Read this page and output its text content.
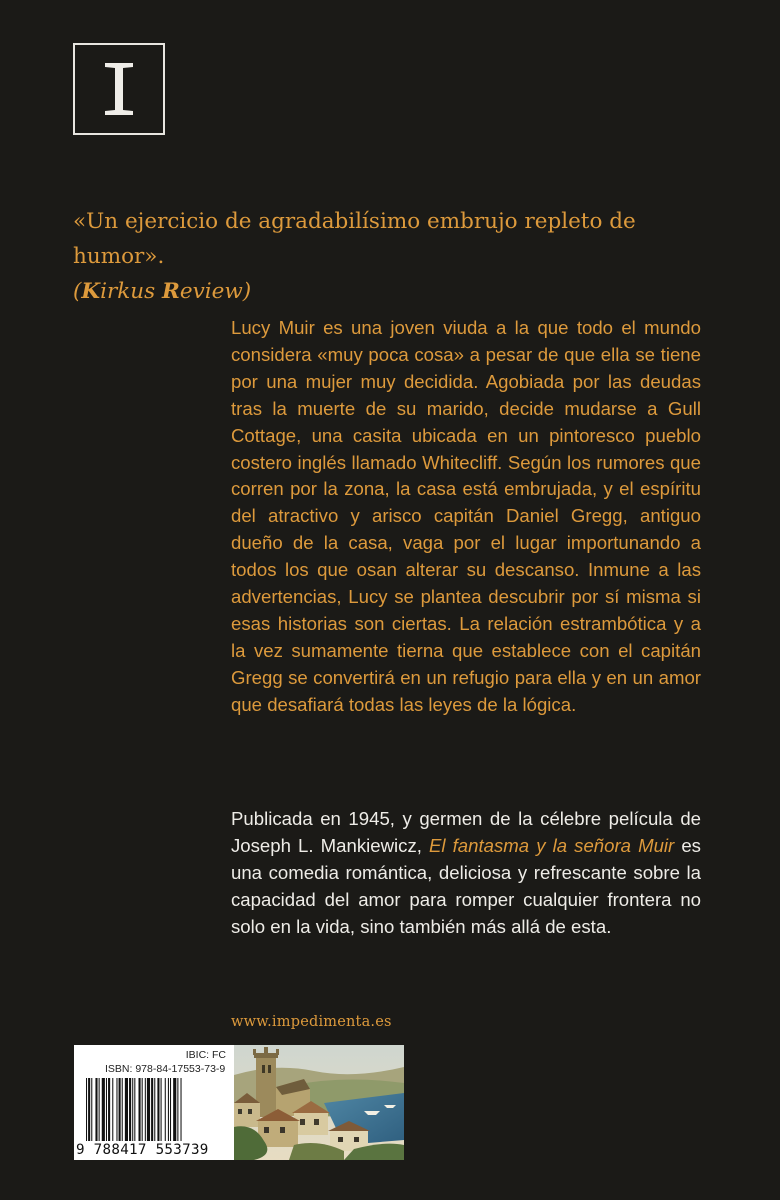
«Un ejercicio de agradabilísimo embrujo repleto de humor».
(Kirkus Review)

Lucy Muir es una joven viuda a la que todo el mundo considera «muy poca cosa» a pesar de que ella se tiene por una mujer muy decidida. Agobiada por las deudas tras la muerte de su marido, decide mudarse a Gull Cottage, una casita ubicada en un pintoresco pueblo costero inglés llamado Whitecliff. Según los rumores que corren por la zona, la casa está embrujada, y el espíritu del atractivo y arisco capitán Daniel Gregg, antiguo dueño de la casa, vaga por el lugar importunando a todos los que osan alterar su descanso. Inmune a las advertencias, Lucy se plantea descubrir por sí misma si esas historias son ciertas. La relación estrambótica y a la vez sumamente tierna que establece con el capitán Gregg se convertirá en un refugio para ella y en un amor que desafiará todas las leyes de la lógica.

Publicada en 1945, y germen de la célebre película de Joseph L. Mankiewicz, El fantasma y la señora Muir es una comedia romántica, deliciosa y refrescante sobre la capacidad del amor para romper cualquier frontera no solo en la vida, sino también más allá de esta.

www.impedimenta.es
IBIC: FC
ISBN: 978-84-17553-73-9
9 788417 553739
